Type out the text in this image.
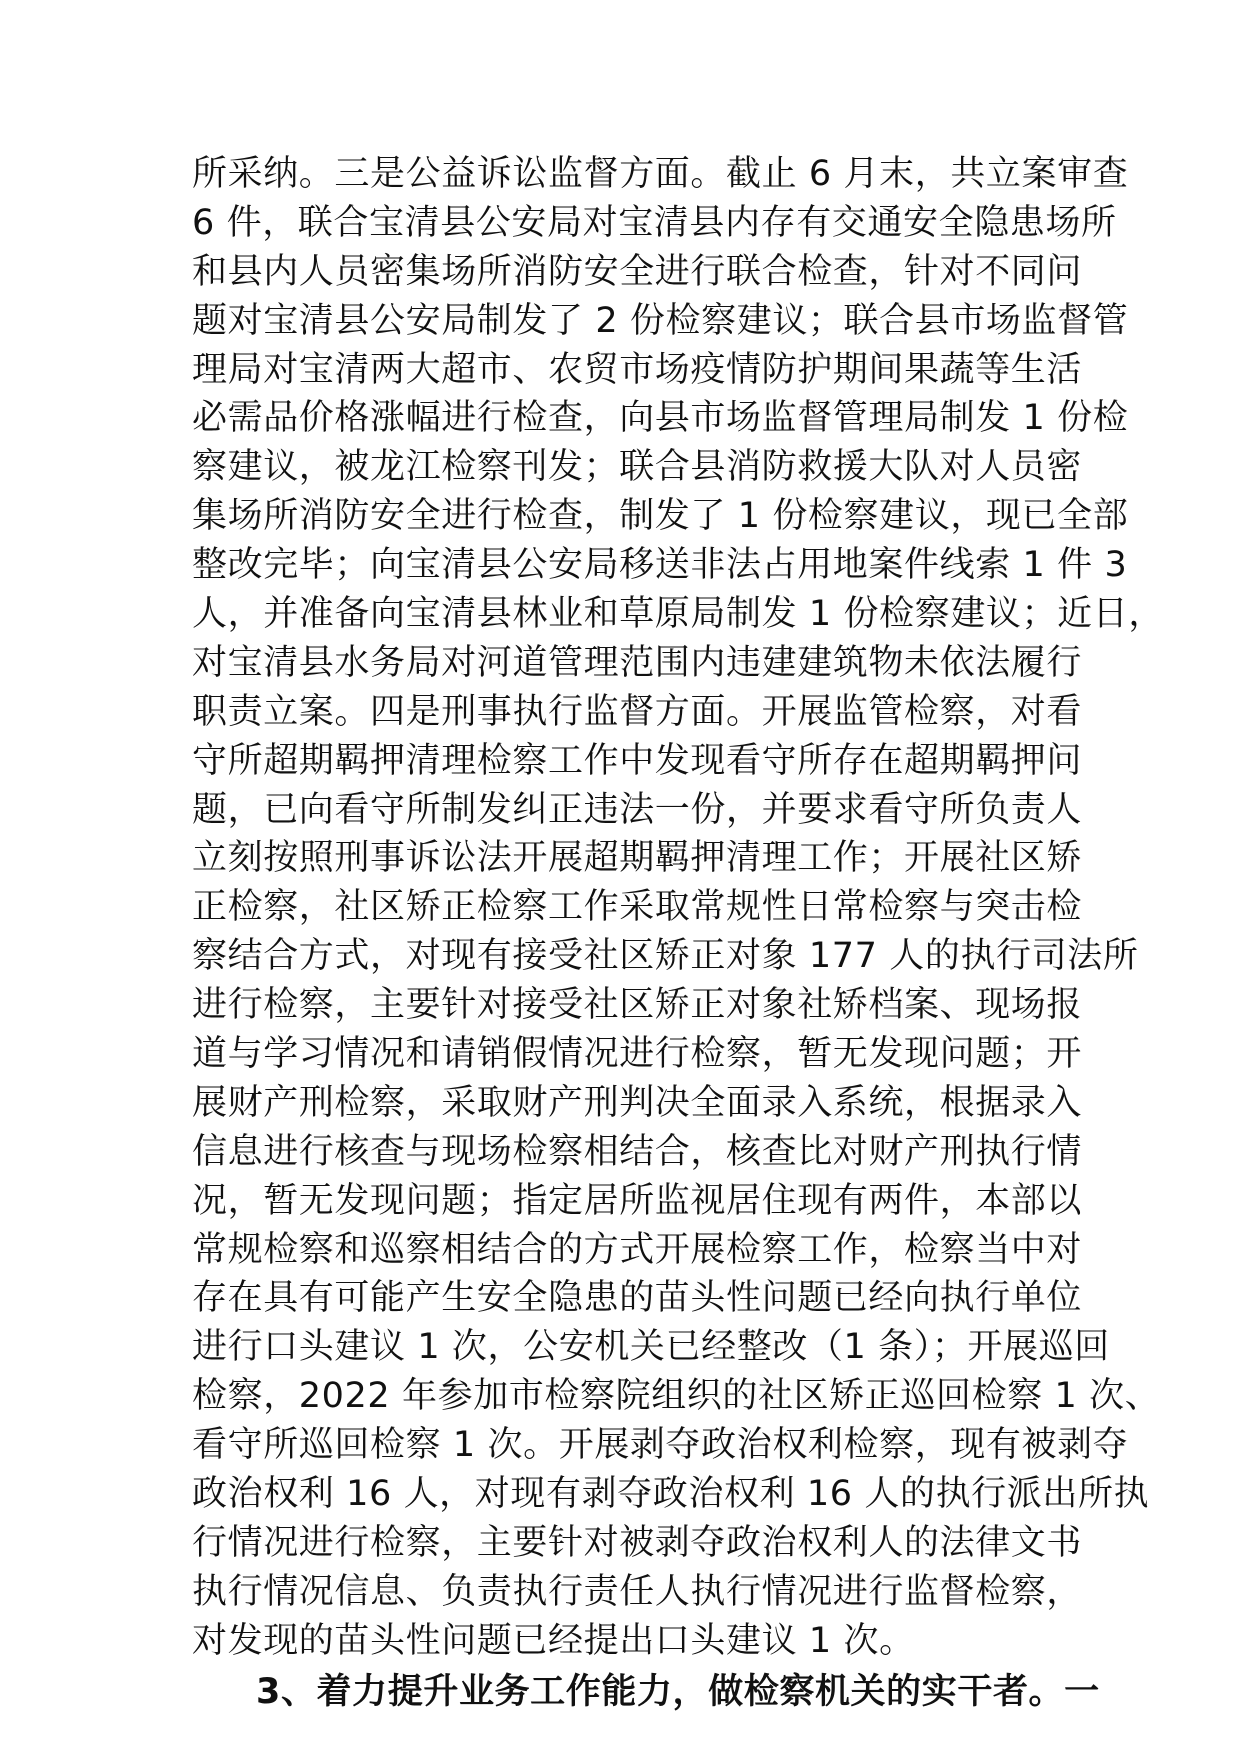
所采纳。三是公益诉讼监督方面。截止 6 月末，共立案审查
6 件，联合宝清县公安局对宝清县内存有交通安全隐患场所
和县内人员密集场所消防安全进行联合检查，针对不同问
题对宝清县公安局制发了 2 份检察建议；联合县市场监督管
理局对宝清两大超市、农贸市场疫情防护期间果蔬等生活
必需品价格涨幅进行检查，向县市场监督管理局制发 1 份检
察建议，被龙江检察刊发；联合县消防救援大队对人员密
集场所消防安全进行检查，制发了 1 份检察建议，现已全部
整改完毕；向宝清县公安局移送非法占用地案件线索 1 件 3
人，并准备向宝清县林业和草原局制发 1 份检察建议；近日，
对宝清县水务局对河道管理范围内违建建筑物未依法履行
职责立案。四是刑事执行监督方面。开展监管检察，对看
守所超期羁押清理检察工作中发现看守所存在超期羁押问
题，已向看守所制发纠正违法一份，并要求看守所负责人
立刻按照刑事诉讼法开展超期羁押清理工作；开展社区矫
正检察，社区矫正检察工作采取常规性日常检察与突击检
察结合方式，对现有接受社区矫正对象 177 人的执行司法所
进行检察，主要针对接受社区矫正对象社矫档案、现场报
道与学习情况和请销假情况进行检察，暂无发现问题；开
展财产刑检察，采取财产刑判决全面录入系统，根据录入
信息进行核查与现场检察相结合，核查比对财产刑执行情
况，暂无发现问题；指定居所监视居住现有两件，本部以
常规检察和巡察相结合的方式开展检察工作，检察当中对
存在具有可能产生安全隐患的苗头性问题已经向执行单位
进行口头建议 1 次，公安机关已经整改（1 条）；开展巡回
检察，2022 年参加市检察院组织的社区矫正巡回检察 1 次、
看守所巡回检察 1 次。开展剥夺政治权利检察，现有被剥夺
政治权利 16 人，对现有剥夺政治权利 16 人的执行派出所执
行情况进行检察，主要针对被剥夺政治权利人的法律文书
执行情况信息、负责执行责任人执行情况进行监督检察，
对发现的苗头性问题已经提出口头建议 1 次。
3、着力提升业务工作能力，做检察机关的实干者。一
